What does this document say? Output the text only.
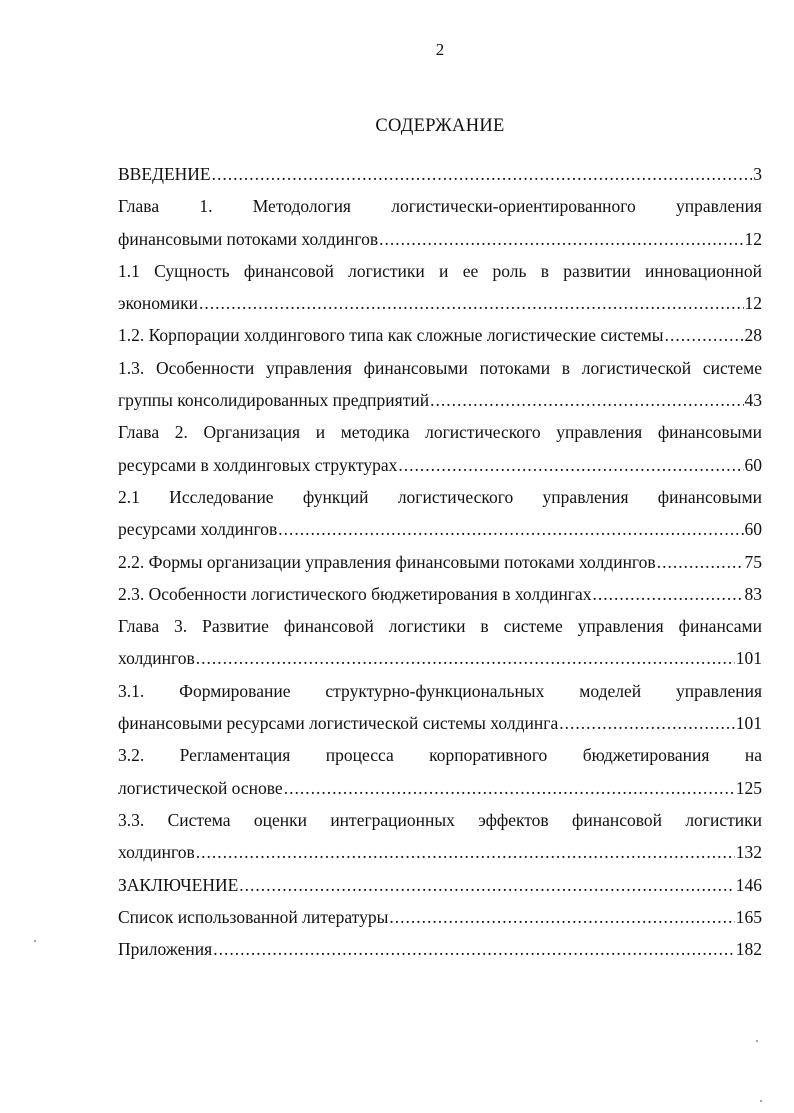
2
СОДЕРЖАНИЕ
ВВЕДЕНИЕ .....	3
Глава 1. Методология логистически-ориентированного управления
финансовыми потоками холдингов .....	12
1.1 Сущность финансовой логистики и ее роль в развитии инновационной
экономики .....	12
1.2. Корпорации холдингового типа как сложные логистические системы .....	28
1.3. Особенности управления финансовыми потоками в логистической системе
группы консолидированных предприятий .....	43
Глава 2. Организация и методика логистического управления финансовыми
ресурсами в холдинговых структурах .....	60
2.1 Исследование функций логистического управления финансовыми
ресурсами холдингов .....	60
2.2. Формы организации управления финансовыми потоками холдингов .....	75
2.3. Особенности логистического бюджетирования в холдингах .....	83
Глава 3. Развитие финансовой логистики в системе управления финансами
холдингов .....	101
3.1. Формирование структурно-функциональных моделей управления
финансовыми ресурсами логистической системы холдинга .....	101
3.2. Регламентация процесса корпоративного бюджетирования на
логистической основе .....	125
3.3. Система оценки интеграционных эффектов финансовой логистики
холдингов .....	132
ЗАКЛЮЧЕНИЕ .....	146
Список использованной литературы .....	165
Приложения .....	182
